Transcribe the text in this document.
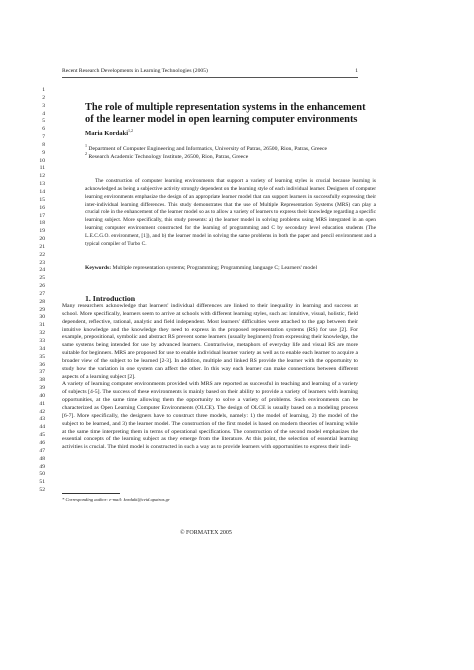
Recent Research Developments in Learning Technologies (2005)	1
1
2
3
4
5
6
7
8
9
10
11
12
13
14
15
16
17
18
19
20
21
22
23
24
25
26
27
28
29
30
31
32
33
34
35
36
37
38
39
40
41
42
43
44
45
46
47
48
49
50
51
52
The role of multiple representation systems in the enhancement of the learner model in open learning computer environments
Maria Kordaki$^{1,2}$
$^1$ Department of Computer Engineering and Informatics, University of Patras, 26500, Rion, Patras, Greece
$^2$ Research Academic Technology Institute, 26500, Rion, Patras, Greece

The construction of computer learning environments that support a variety of learning styles is crucial because learning is acknowledged as being a subjective activity strongly dependent on the learning style of each individual learner. Designers of computer learning environments emphasize the design of an appropriate learner model that can support learners in successfully expressing their inter-individual learning differences. This study demonstrates that the use of Multiple Representation Systems (MRS) can play a crucial role in the enhancement of the learner model so as to allow a variety of learners to express their knowledge regarding a specific learning subject. More specifically, this study presents: a) the learner model in solving problems using MRS integrated in an open learning computer environment constructed for the learning of programming and C by secondary level education students (The L.E.C.G.O. environment, [1]), and b) the learner model in solving the same problems in both the paper and pencil environment and a typical compiler of Turbo C.

Keywords: Multiple representation systems; Programming; Programming language C; Learners' model
1. Introduction

Many researchers acknowledge that learners' individual differences are linked to their inequality in learning and success at school. More specifically, learners seem to arrive at schools with different learning styles, such as: intuitive, visual, holistic, field dependent, reflective, rational, analytic and field independent. Most learners' difficulties were attached to the gap between their intuitive knowledge and the knowledge they need to express in the proposed representation systems (RS) for use [2]. For example, prepositional, symbolic and abstract RS prevent some learners (usually beginners) from expressing their knowledge, the same systems being intended for use by advanced learners. Contrariwise, metaphors of everyday life and visual RS are more suitable for beginners. MRS are proposed for use to enable individual learner variety as well as to enable each learner to acquire a broader view of the subject to be learned [2-3]. In addition, multiple and linked RS provide the learner with the opportunity to study how the variation in one system can affect the other. In this way each learner can make connections between different aspects of a learning subject [2].

A variety of learning computer environments provided with MRS are reported as successful in teaching and learning of a variety of subjects [4-5]. The success of these environments is mainly based on their ability to provide a variety of learners with learning opportunities, at the same time allowing them the opportunity to solve a variety of problems. Such environments can be characterized as Open Learning Computer Environments (OLCE). The design of OLCE is usually based on a modeling process [6-7]. More specifically, the designers have to construct three models, namely: 1) the model of learning, 2) the model of the subject to be learned, and 3) the learner model. The construction of the first model is based on modern theories of learning while at the same time interpreting them in terms of operational specifications. The construction of the second model emphasizes the essential concepts of the learning subject as they emerge from the literature. At this point, the selection of essential learning activities is crucial. The third model is constructed in such a way as to provide learners with opportunities to express their indi-

* Corresponding author: e-mail: kordaki@ceid.upatras.gr
© FORMATEX 2005
